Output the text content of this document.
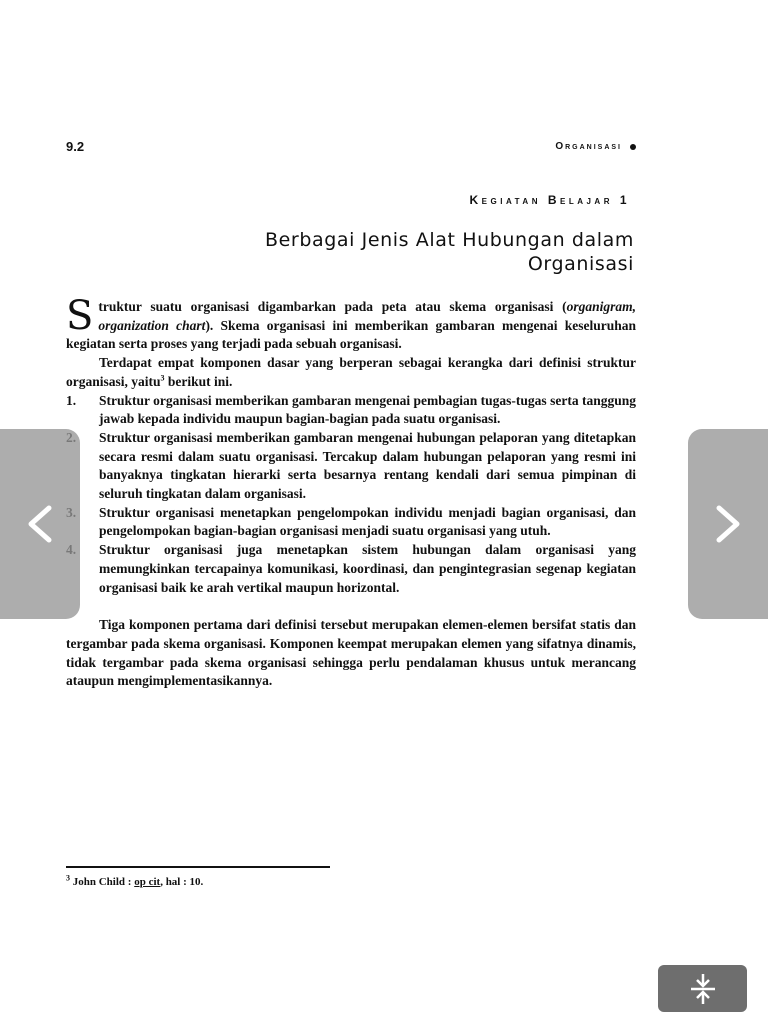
9.2	Organisasi
Kegiatan Belajar 1
Berbagai Jenis Alat Hubungan dalam
Organisasi

Struktur suatu organisasi digambarkan pada peta atau skema organisasi (organigram, organization chart). Skema organisasi ini memberikan gambaran mengenai keseluruhan kegiatan serta proses yang terjadi pada sebuah organisasi.

Terdapat empat komponen dasar yang berperan sebagai kerangka dari definisi struktur organisasi, yaitu$^3$ berikut ini.

1. Struktur organisasi memberikan gambaran mengenai pembagian tugas-tugas serta tanggung jawab kepada individu maupun bagian-bagian pada suatu organisasi.
Struktur organisasi memberikan gambaran mengenai hubungan pelaporan yang ditetapkan secara resmi dalam suatu organisasi. Tercakup dalam hubungan pelaporan yang resmi ini banyaknya tingkatan hierarki serta besarnya rentang kendali dari semua pimpinan di seluruh tingkatan dalam organisasi.
Struktur organisasi menetapkan pengelompokan individu menjadi bagian organisasi, dan pengelompokan bagian-bagian organisasi menjadi suatu organisasi yang utuh.
Struktur organisasi juga menetapkan sistem hubungan dalam organisasi yang memungkinkan tercapainya komunikasi, koordinasi, dan pengintegrasian segenap kegiatan organisasi baik ke arah vertikal maupun horizontal.

Tiga komponen pertama dari definisi tersebut merupakan elemen-elemen bersifat statis dan tergambar pada skema organisasi. Komponen keempat merupakan elemen yang sifatnya dinamis, tidak tergambar pada skema organisasi sehingga perlu pendalaman khusus untuk merancang ataupun mengimplementasikannya.

$^3$ John Child : op cit, hal : 10.
